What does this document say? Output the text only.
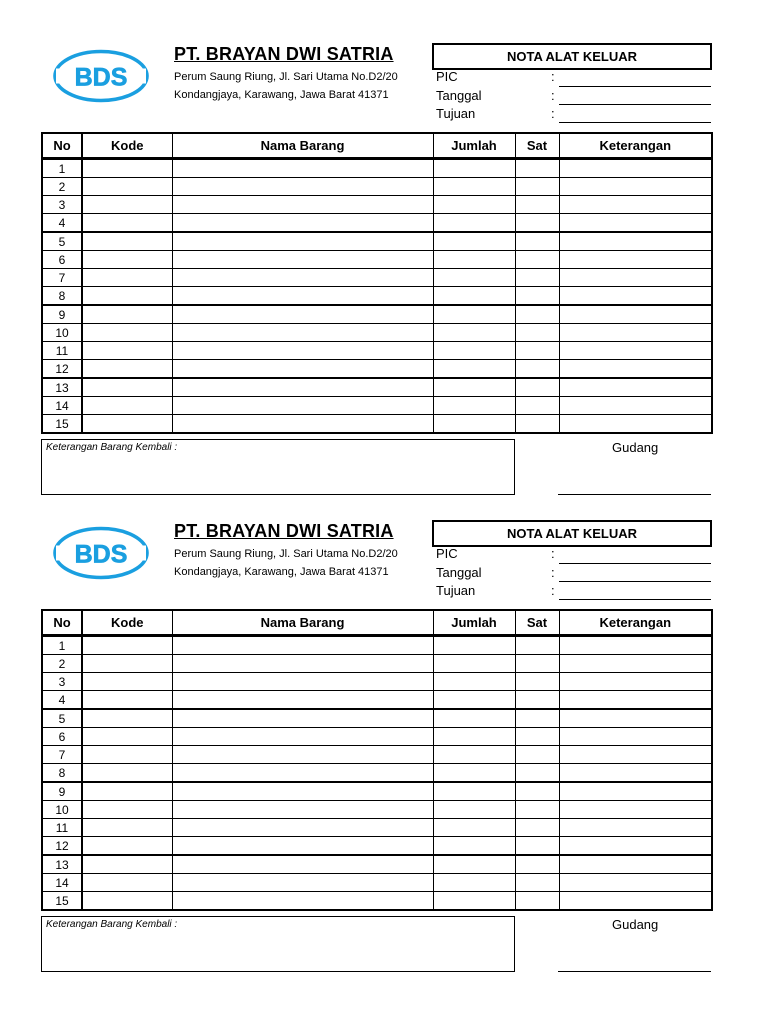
BDS
PT. BRAYAN DWI SATRIA
Perum Saung Riung, Jl. Sari Utama No.D2/20
Kondangjaya, Karawang, Jawa Barat 41371
NOTA ALAT KELUAR
PIC	:
Tanggal	:
Tujuan	:
No	Kode	Nama Barang	Jumlah	Sat	Keterangan
1					
2					
3					
4					
5					
6					
7					
8					
9					
10					
11					
12					
13					
14					
15					
Keterangan Barang Kembali :	Gudang
BDS
PT. BRAYAN DWI SATRIA
Perum Saung Riung, Jl. Sari Utama No.D2/20
Kondangjaya, Karawang, Jawa Barat 41371
NOTA ALAT KELUAR
PIC	:
Tanggal	:
Tujuan	:
No	Kode	Nama Barang	Jumlah	Sat	Keterangan
1					
2					
3					
4					
5					
6					
7					
8					
9					
10					
11					
12					
13					
14					
15					
Keterangan Barang Kembali :	Gudang
